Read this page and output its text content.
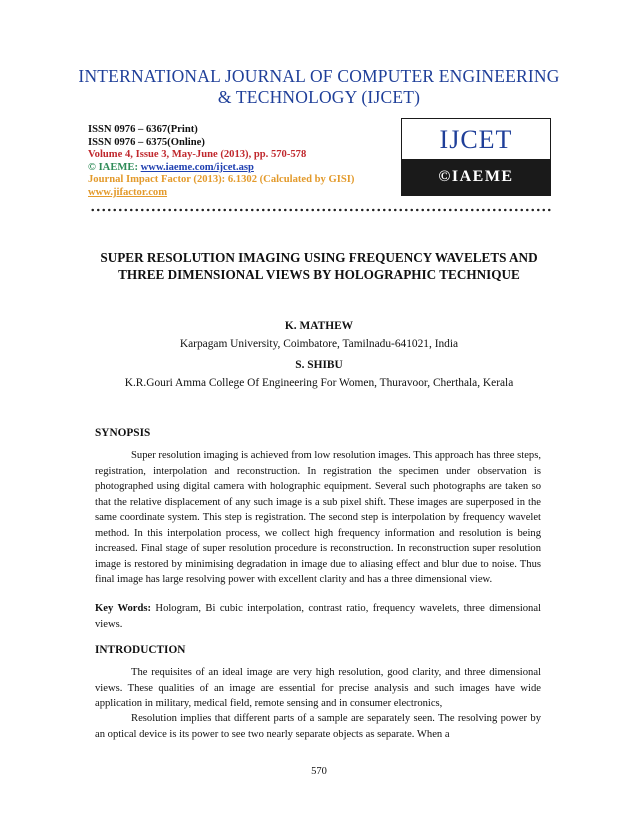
INTERNATIONAL JOURNAL OF COMPUTER ENGINEERING
& TECHNOLOGY (IJCET)
ISSN 0976 – 6367(Print)
ISSN 0976 – 6375(Online)
Volume 4, Issue 3, May-June (2013), pp. 570-578
© IAEME: www.iaeme.com/ijcet.asp
Journal Impact Factor (2013): 6.1302 (Calculated by GISI)
www.jifactor.com
IJCET
©IAEME
SUPER RESOLUTION IMAGING USING FREQUENCY WAVELETS AND THREE DIMENSIONAL VIEWS BY HOLOGRAPHIC TECHNIQUE
K. MATHEW
Karpagam University, Coimbatore, Tamilnadu-641021, India
S. SHIBU
K.R.Gouri Amma College Of Engineering For Women, Thuravoor, Cherthala, Kerala
SYNOPSIS

Super resolution imaging is achieved from low resolution images. This approach has three steps, registration, interpolation and reconstruction. In registration the specimen under observation is photographed using digital camera with holographic equipment. Several such photographs are taken so that the relative displacement of any such image is a sub pixel shift. These images are superposed in the same coordinate system. This step is registration. The second step is interpolation by frequency wavelet method. In this interpolation process, we collect high frequency information and resolution is being increased. Final stage of super resolution procedure is reconstruction. In reconstruction super resolution image is restored by minimising degradation in image due to aliasing effect and blur due to noise. Thus final image has large resolving power with excellent clarity and has a three dimensional view.

Key Words: Hologram, Bi cubic interpolation, contrast ratio, frequency wavelets, three dimensional views.

INTRODUCTION

The requisites of an ideal image are very high resolution, good clarity, and three dimensional views. These qualities of an image are essential for precise analysis and such images have wide application in military, medical field, remote sensing and in consumer electronics,

Resolution implies that different parts of a sample are separately seen. The resolving power by an optical device is its power to see two nearly separate objects as separate. When a

570
